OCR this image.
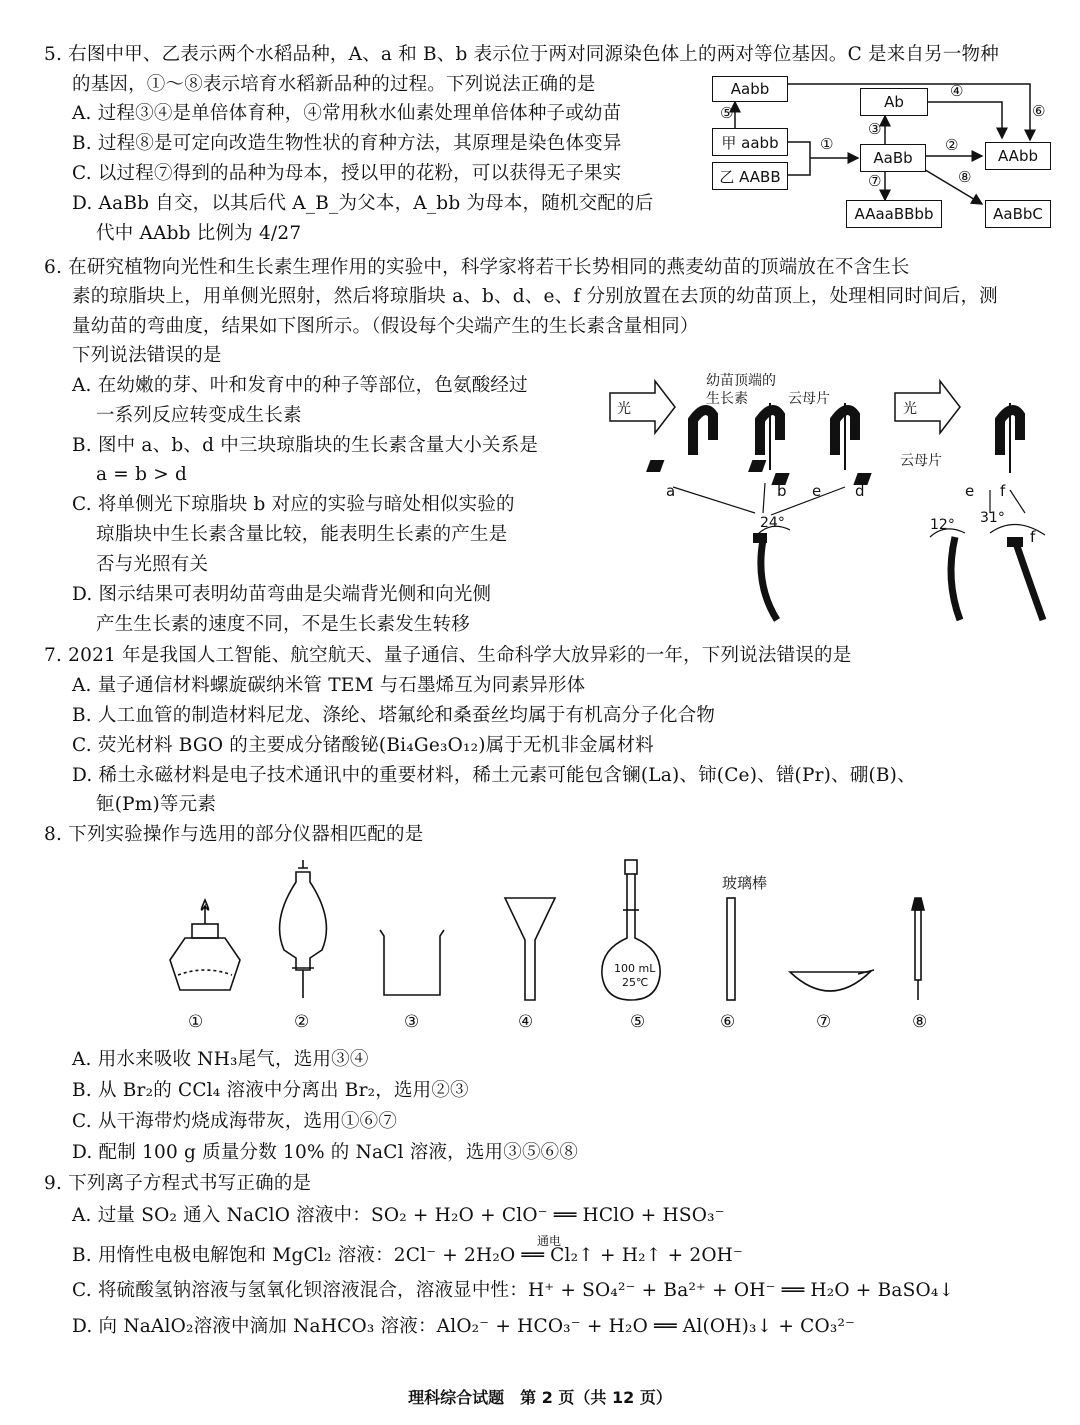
5. 右图中甲、乙表示两个水稻品种，A、a 和 B、b 表示位于两对同源染色体上的两对等位基因。C 是来自另一物种
的基因，①～⑧表示培育水稻新品种的过程。下列说法正确的是
A. 过程③④是单倍体育种，④常用秋水仙素处理单倍体种子或幼苗
B. 过程⑧是可定向改造生物性状的育种方法，其原理是染色体变异
C. 以过程⑦得到的品种为母本，授以甲的花粉，可以获得无子果实
D. AaBb 自交，以其后代 A_B_为父本，A_bb 为母本，随机交配的后
代中 AAbb 比例为 4/27
Aabb
甲 aabb
乙 AABB
Ab
AaBb	AAbb
AAaaBBbb	AaBbC
⑤
①
③
④
⑥
②
⑦	⑧
6. 在研究植物向光性和生长素生理作用的实验中，科学家将若干长势相同的燕麦幼苗的顶端放在不含生长
素的琼脂块上，用单侧光照射，然后将琼脂块 a、b、d、e、f 分别放置在去顶的幼苗顶上，处理相同时间后，测
量幼苗的弯曲度，结果如下图所示。（假设每个尖端产生的生长素含量相同）
下列说法错误的是
A. 在幼嫩的芽、叶和发育中的种子等部位，色氨酸经过
一系列反应转变成生长素
B. 图中 a、b、d 中三块琼脂块的生长素含量大小关系是
a = b > d
C. 将单侧光下琼脂块 b 对应的实验与暗处相似实验的
琼脂块中生长素含量比较，能表明生长素的产生是
否与光照有关
D. 图示结果可表明幼苗弯曲是尖端背光侧和向光侧
产生生长素的速度不同，不是生长素发生转移
光	光
幼苗顶端的
生长素	云母片
云母片
a	b e d	e f
24°	12° 31°
f
7. 2021 年是我国人工智能、航空航天、量子通信、生命科学大放异彩的一年，下列说法错误的是
A. 量子通信材料螺旋碳纳米管 TEM 与石墨烯互为同素异形体
B. 人工血管的制造材料尼龙、涤纶、塔氟纶和桑蚕丝均属于有机高分子化合物
C. 荧光材料 BGO 的主要成分锗酸铋(Bi₄Ge₃O₁₂)属于无机非金属材料
D. 稀土永磁材料是电子技术通讯中的重要材料，稀土元素可能包含镧(La)、铈(Ce)、镨(Pr)、硼(B)、
钷(Pm)等元素
8. 下列实验操作与选用的部分仪器相匹配的是
玻璃棒
100 mL
25℃
①	②	③	④	⑤	⑥	⑦	⑧
A. 用水来吸收 NH₃尾气，选用③④
B. 从 Br₂的 CCl₄ 溶液中分离出 Br₂，选用②③
C. 从干海带灼烧成海带灰，选用①⑥⑦
D. 配制 100 g 质量分数 10% 的 NaCl 溶液，选用③⑤⑥⑧
9. 下列离子方程式书写正确的是
A. 过量 SO₂ 通入 NaClO 溶液中：SO₂ + H₂O + ClO⁻ ══ HClO + HSO₃⁻
通电
B. 用惰性电极电解饱和 MgCl₂ 溶液：2Cl⁻ + 2H₂O ══ Cl₂↑ + H₂↑ + 2OH⁻
C. 将硫酸氢钠溶液与氢氧化钡溶液混合，溶液显中性：H⁺ + SO₄²⁻ + Ba²⁺ + OH⁻ ══ H₂O + BaSO₄↓
D. 向 NaAlO₂溶液中滴加 NaHCO₃ 溶液：AlO₂⁻ + HCO₃⁻ + H₂O ══ Al(OH)₃↓ + CO₃²⁻
理科综合试题　第 2 页（共 12 页）
